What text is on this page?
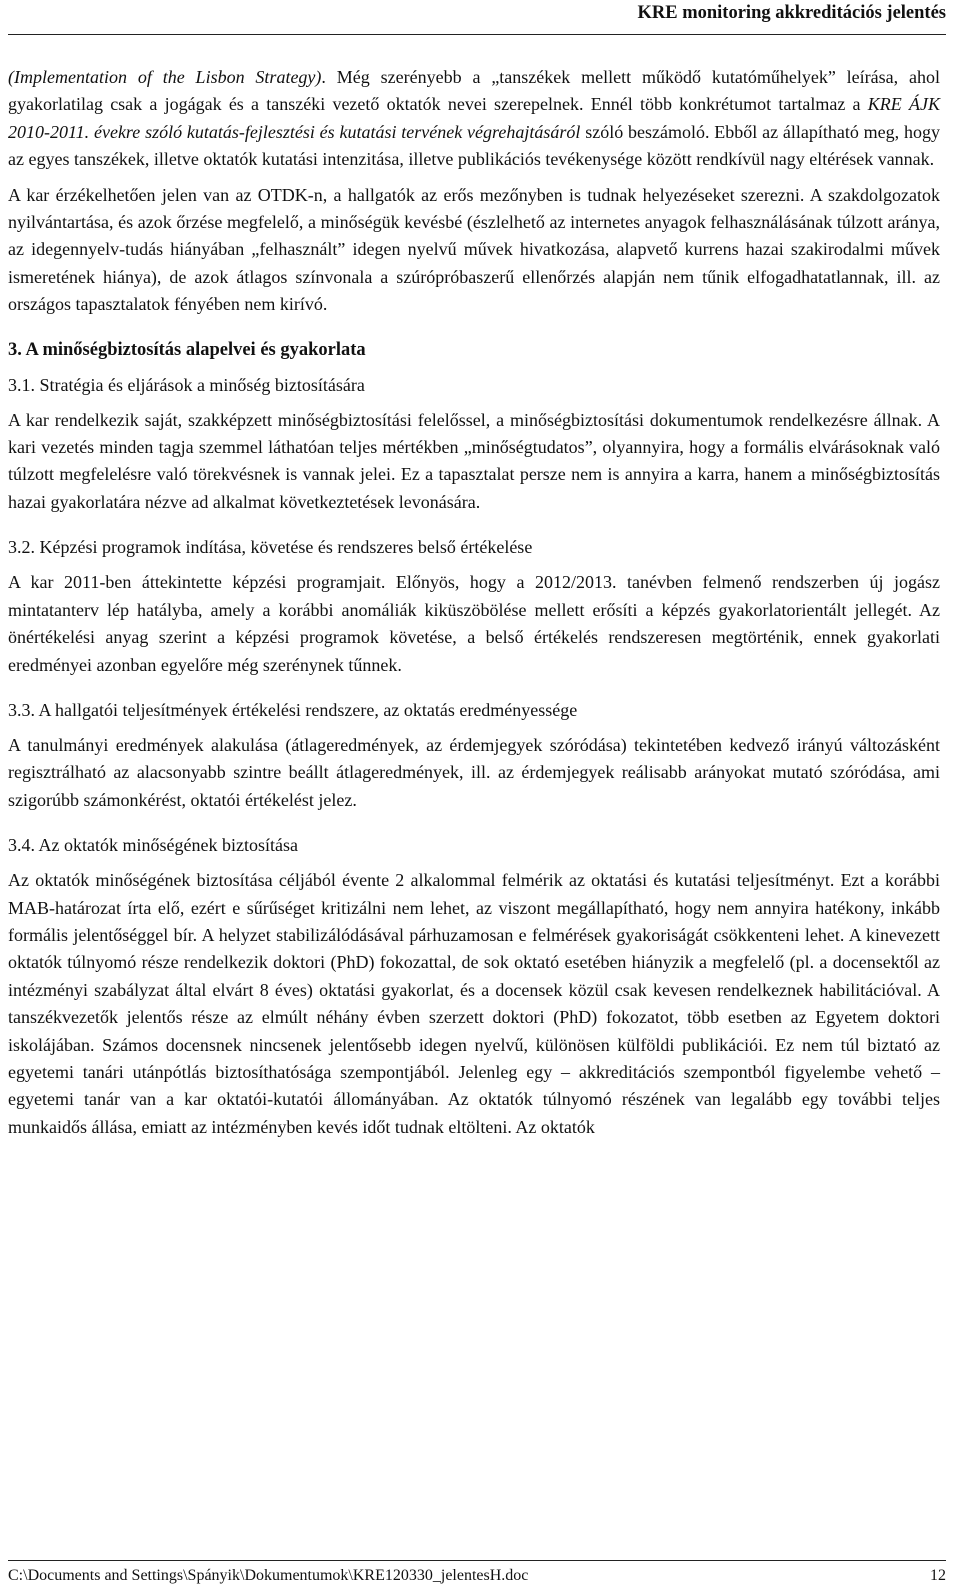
KRE monitoring akkreditációs jelentés

(Implementation of the Lisbon Strategy). Még szerényebb a „tanszékek mellett működő kutatóműhelyek” leírása, ahol gyakorlatilag csak a jogágak és a tanszéki vezető oktatók nevei szerepelnek. Ennél több konkrétumot tartalmaz a KRE ÁJK 2010-2011. évekre szóló kutatás-fejlesztési és kutatási tervének végrehajtásáról szóló beszámoló. Ebből az állapítható meg, hogy az egyes tanszékek, illetve oktatók kutatási intenzitása, illetve publikációs tevékenysége között rendkívül nagy eltérések vannak.

A kar érzékelhetően jelen van az OTDK-n, a hallgatók az erős mezőnyben is tudnak helyezéseket szerezni. A szakdolgozatok nyilvántartása, és azok őrzése megfelelő, a minőségük kevésbé (észlelhető az internetes anyagok felhasználásának túlzott aránya, az idegennyelv-tudás hiányában „felhasznált” idegen nyelvű művek hivatkozása, alapvető kurrens hazai szakirodalmi művek ismeretének hiánya), de azok átlagos színvonala a szúrópróbaszerű ellenőrzés alapján nem tűnik elfogadhatatlannak, ill. az országos tapasztalatok fényében nem kirívó.

3. A minőségbiztosítás alapelvei és gyakorlata
3.1. Stratégia és eljárások a minőség biztosítására

A kar rendelkezik saját, szakképzett minőségbiztosítási felelőssel, a minőségbiztosítási dokumentumok rendelkezésre állnak. A kari vezetés minden tagja szemmel láthatóan teljes mértékben „minőségtudatos”, olyannyira, hogy a formális elvárásoknak való túlzott megfelelésre való törekvésnek is vannak jelei. Ez a tapasztalat persze nem is annyira a karra, hanem a minőségbiztosítás hazai gyakorlatára nézve ad alkalmat következtetések levonására.

3.2. Képzési programok indítása, követése és rendszeres belső értékelése

A kar 2011-ben áttekintette képzési programjait. Előnyös, hogy a 2012/2013. tanévben felmenő rendszerben új jogász mintatanterv lép hatályba, amely a korábbi anomáliák kiküszöbölése mellett erősíti a képzés gyakorlatorientált jellegét. Az önértékelési anyag szerint a képzési programok követése, a belső értékelés rendszeresen megtörténik, ennek gyakorlati eredményei azonban egyelőre még szerénynek tűnnek.

3.3. A hallgatói teljesítmények értékelési rendszere, az oktatás eredményessége

A tanulmányi eredmények alakulása (átlageredmények, az érdemjegyek szóródása) tekintetében kedvező irányú változásként regisztrálható az alacsonyabb szintre beállt átlageredmények, ill. az érdemjegyek reálisabb arányokat mutató szóródása, ami szigorúbb számonkérést, oktatói értékelést jelez.

3.4. Az oktatók minőségének biztosítása

Az oktatók minőségének biztosítása céljából évente 2 alkalommal felmérik az oktatási és kutatási teljesítményt. Ezt a korábbi MAB-határozat írta elő, ezért e sűrűséget kritizálni nem lehet, az viszont megállapítható, hogy nem annyira hatékony, inkább formális jelentőséggel bír. A helyzet stabilizálódásával párhuzamosan e felmérések gyakoriságát csökkenteni lehet. A kinevezett oktatók túlnyomó része rendelkezik doktori (PhD) fokozattal, de sok oktató esetében hiányzik a megfelelő (pl. a docensektől az intézményi szabályzat által elvárt 8 éves) oktatási gyakorlat, és a docensek közül csak kevesen rendelkeznek habilitációval. A tanszékvezetők jelentős része az elmúlt néhány évben szerzett doktori (PhD) fokozatot, több esetben az Egyetem doktori iskolájában. Számos docensnek nincsenek jelentősebb idegen nyelvű, különösen külföldi publikációi. Ez nem túl biztató az egyetemi tanári utánpótlás biztosíthatósága szempontjából. Jelenleg egy – akkreditációs szempontból figyelembe vehető – egyetemi tanár van a kar oktatói-kutatói állományában. Az oktatók túlnyomó részének van legalább egy további teljes munkaidős állása, emiatt az intézményben kevés időt tudnak eltölteni. Az oktatók

C:\Documents and Settings\Spányik\Dokumentumok\KRE120330_jelentesH.doc	12
